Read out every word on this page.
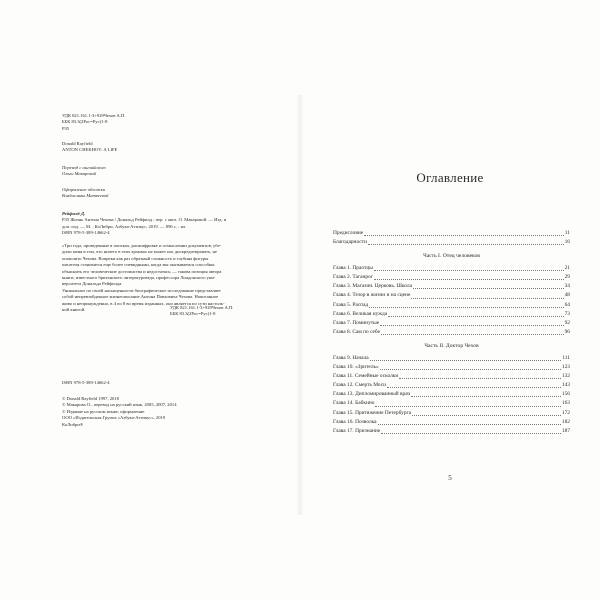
УДК 821.161.1-3+929Чехов А.П.
ББК 83.3(2Рос=Рус)1-8
Р35
Donald Rayfield
ANTON CHEKHOV: A LIFE
Перевод с английского
Ольги Макаровой
Оформление обложки
Владиславы Матвеевой
Рейфилд Д.
Р35 Жизнь Антона Чехова / Дональд Рейфилд ; пер. с англ. О. Макаровой. — Изд. и
доп. изд. — М. : КоЛибри, Азбука-Аттикус, 2019. — 896 с. : ил.
ISBN 978-5-389-14662-4
«Три года, проведенные в поисках, расшифровке и осмыслении документов, убе-
дили меня в том, что ничего в этих архивах не может нас дискредитировать, не
опошлить Чехова. Вопреки как раз образный сложность и глубина фигуры
писателя становится еще более очевидными, когда мы оказываемся способны
объяснить его человеческие достоинства и недостатки» — такова позиция автора
книги, известного британского литературоведа, профессора Лондонского уни-
верситета Дональда Рейфилда.
Уникальное по своей насыщенности биографическое исследование представляет
собой непревзойденное жизнеописание Антона Павловича Чехова. Написанное
живо и непринужденно, в 4 по 8 во время изданных, оно является по сути настоль-
ной книгой.	УДК 821.161.1-3+929Чехов А.П.
ББК 83.3(2Рос=Рус)1-8
ISBN 978-5-389-14662-4
© Donald Rayfield 1997, 2018
© Макарова О., перевод на русский язык, 2005, 2007, 2014
© Издание на русском языке, оформление.
ООО «Издательская Группа «Азбука-Аттикус», 2019
КоЛибри®
Оглавление
Предисловие	11
Благодарности	16
Часть I. Отец человеков
Глава 1. Праотцы	21
Глава 2. Таганрог	29
Глава 3. Магазин. Церковь. Школа	34
Глава 4. Тезор в жизни и на сцене	48
Глава 5. Распад	64
Глава 6. Великая нужда	73
Глава 7. Поминутые	92
Глава 8. Сам по себе	96
Часть II. Доктор Чехов
Глава 9. Начала	111
Глава 10. «Зритель»	123
Глава 11. Семейные осколки	132
Глава 12. Смерть Моси	143
Глава 13. Дипломированный врач	156
Глава 14. Бабкино	163
Глава 15. Притяжение Петербурга	172
Глава 16. Позволка	182
Глава 17. Признание	187
5
